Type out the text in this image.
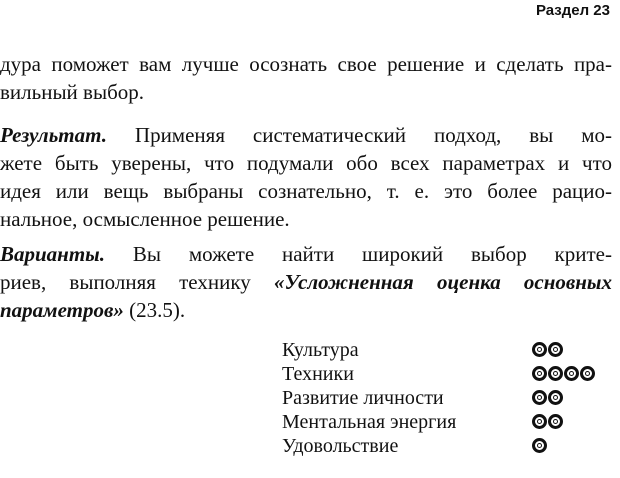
Раздел 23

дура поможет вам лучше осознать свое решение и сделать пра-
вильный выбор.

Результат. Применяя систематический подход, вы мо-
жете быть уверены, что подумали обо всех параметрах и что
идея или вещь выбраны сознательно, т. е. это более рацио-
нальное, осмысленное решение.

Варианты. Вы можете найти широкий выбор крите-
риев, выполняя технику «Усложненная оценка основных
параметров» (23.5).

Культура
Техники
Развитие личности
Ментальная энергия
Удовольствие
